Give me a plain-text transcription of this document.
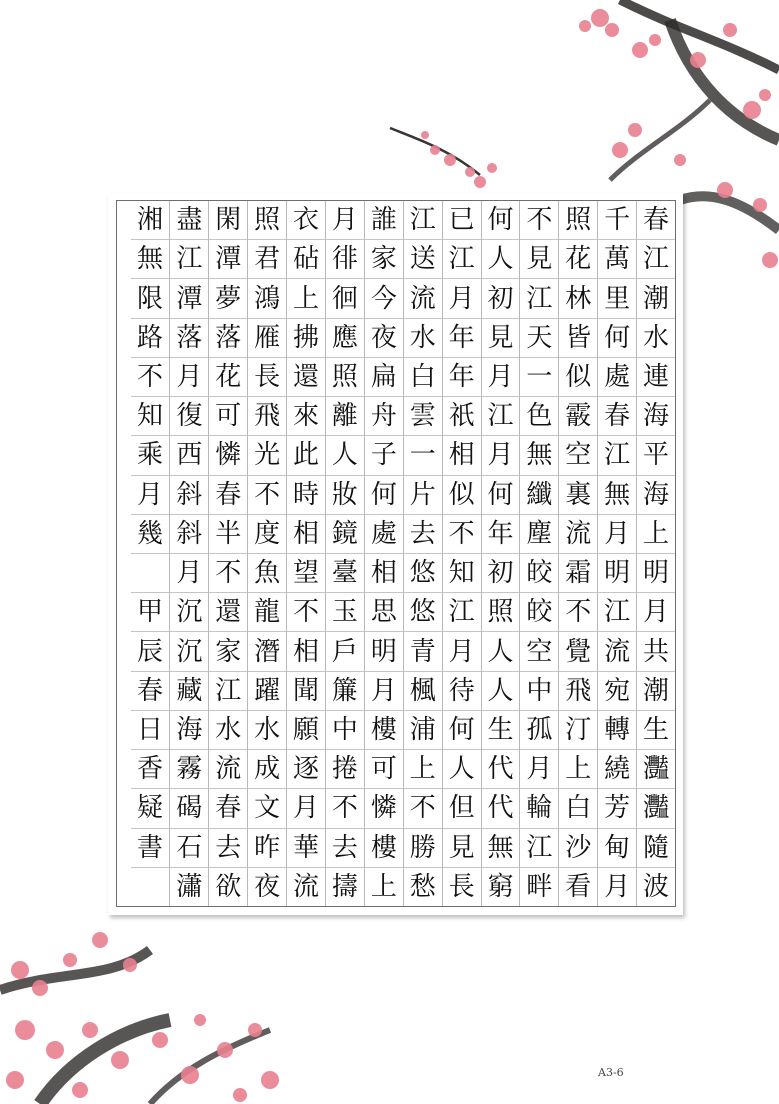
春
江
潮
水
連
海
平
海
上
明
月
共
潮
生
灩
灩
隨
波
千
萬
里
何
處
春
江
無
月
明
江
流
宛
轉
繞
芳
甸
月
照
花
林
皆
似
霰
空
裏
流
霜
不
覺
飛
汀
上
白
沙
看
不
見
江
天
一
色
無
纖
塵
皎
皎
空
中
孤
月
輪
江
畔
何
人
初
見
月
江
月
何
年
初
照
人
人
生
代
代
無
窮
已
江
月
年
年
祇
相
似
不
知
江
月
待
何
人
但
見
長
江
送
流
水
白
雲
一
片
去
悠
悠
青
楓
浦
上
不
勝
愁
誰
家
今
夜
扁
舟
子
何
處
相
思
明
月
樓
可
憐
樓
上
月
徘
徊
應
照
離
人
妝
鏡
臺
玉
戶
簾
中
捲
不
去
擣
衣
砧
上
拂
還
來
此
時
相
望
不
相
聞
願
逐
月
華
流
照
君
鴻
雁
長
飛
光
不
度
魚
龍
潛
躍
水
成
文
昨
夜
閑
潭
夢
落
花
可
憐
春
半
不
還
家
江
水
流
春
去
欲
盡
江
潭
落
月
復
西
斜
斜
月
沉
沉
藏
海
霧
碣
石
瀟
湘
無
限
路
不
知
乘
月
幾
甲
辰
春
日
香
疑
書
A3-6
